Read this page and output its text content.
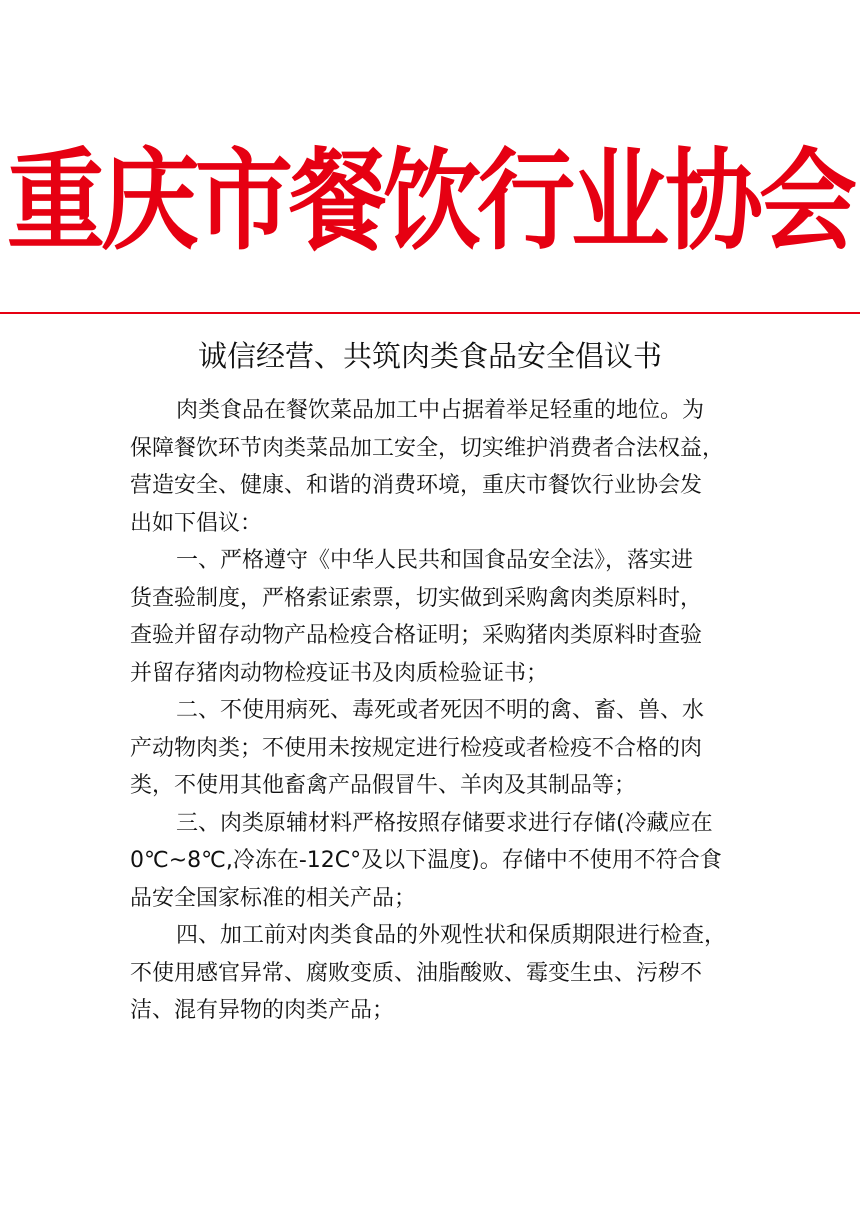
重庆市餐饮行业协会
诚信经营、共筑肉类食品安全倡议书
肉类食品在餐饮菜品加工中占据着举足轻重的地位。为
保障餐饮环节肉类菜品加工安全，切实维护消费者合法权益，
营造安全、健康、和谐的消费环境，重庆市餐饮行业协会发
出如下倡议：
一、严格遵守《中华人民共和国食品安全法》，落实进
货查验制度，严格索证索票，切实做到采购禽肉类原料时，
查验并留存动物产品检疫合格证明；采购猪肉类原料时查验
并留存猪肉动物检疫证书及肉质检验证书；
二、不使用病死、毒死或者死因不明的禽、畜、兽、水
产动物肉类；不使用未按规定进行检疫或者检疫不合格的肉
类，不使用其他畜禽产品假冒牛、羊肉及其制品等；
三、肉类原辅材料严格按照存储要求进行存储(冷藏应在
0℃~8℃,冷冻在-12C°及以下温度)。存储中不使用不符合食
品安全国家标准的相关产品；
四、加工前对肉类食品的外观性状和保质期限进行检查，
不使用感官异常、腐败变质、油脂酸败、霉变生虫、污秽不
洁、混有异物的肉类产品；
